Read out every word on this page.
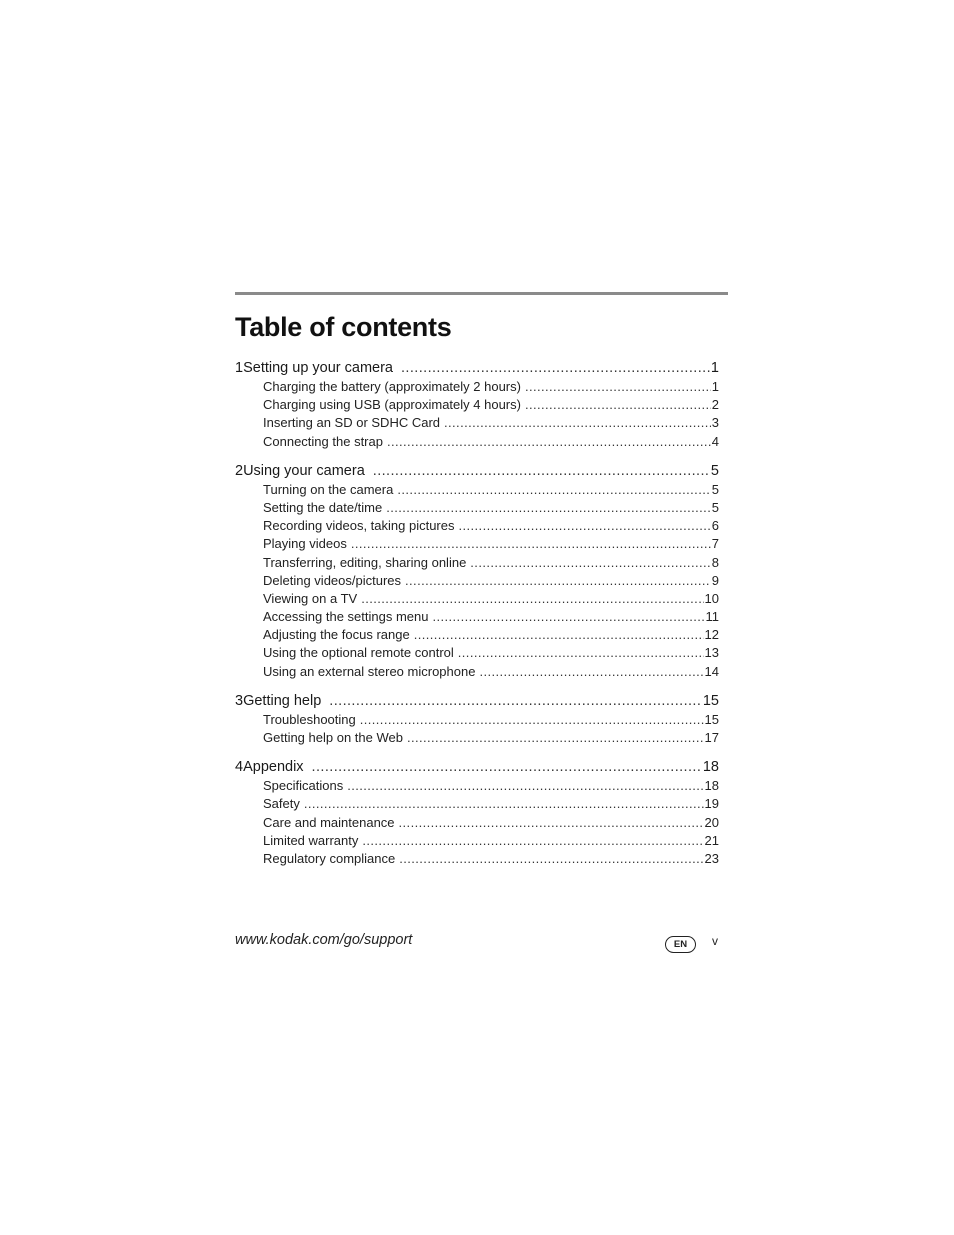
Table of contents
1 Setting up your camera .....	1
Charging the battery (approximately 2 hours) .....	1
Charging using USB (approximately 4 hours) .....	2
Inserting an SD or SDHC Card .....	3
Connecting the strap .....	4
2 Using your camera .....	5
Turning on the camera .....	5
Setting the date/time .....	5
Recording videos, taking pictures .....	6
Playing videos .....	7
Transferring, editing, sharing online .....	8
Deleting videos/pictures .....	9
Viewing on a TV .....	10
Accessing the settings menu .....	11
Adjusting the focus range .....	12
Using the optional remote control .....	13
Using an external stereo microphone .....	14
3 Getting help .....	15
Troubleshooting .....	15
Getting help on the Web .....	17
4 Appendix .....	18
Specifications .....	18
Safety .....	19
Care and maintenance .....	20
Limited warranty .....	21
Regulatory compliance .....	23
www.kodak.com/go/support	EN	v
